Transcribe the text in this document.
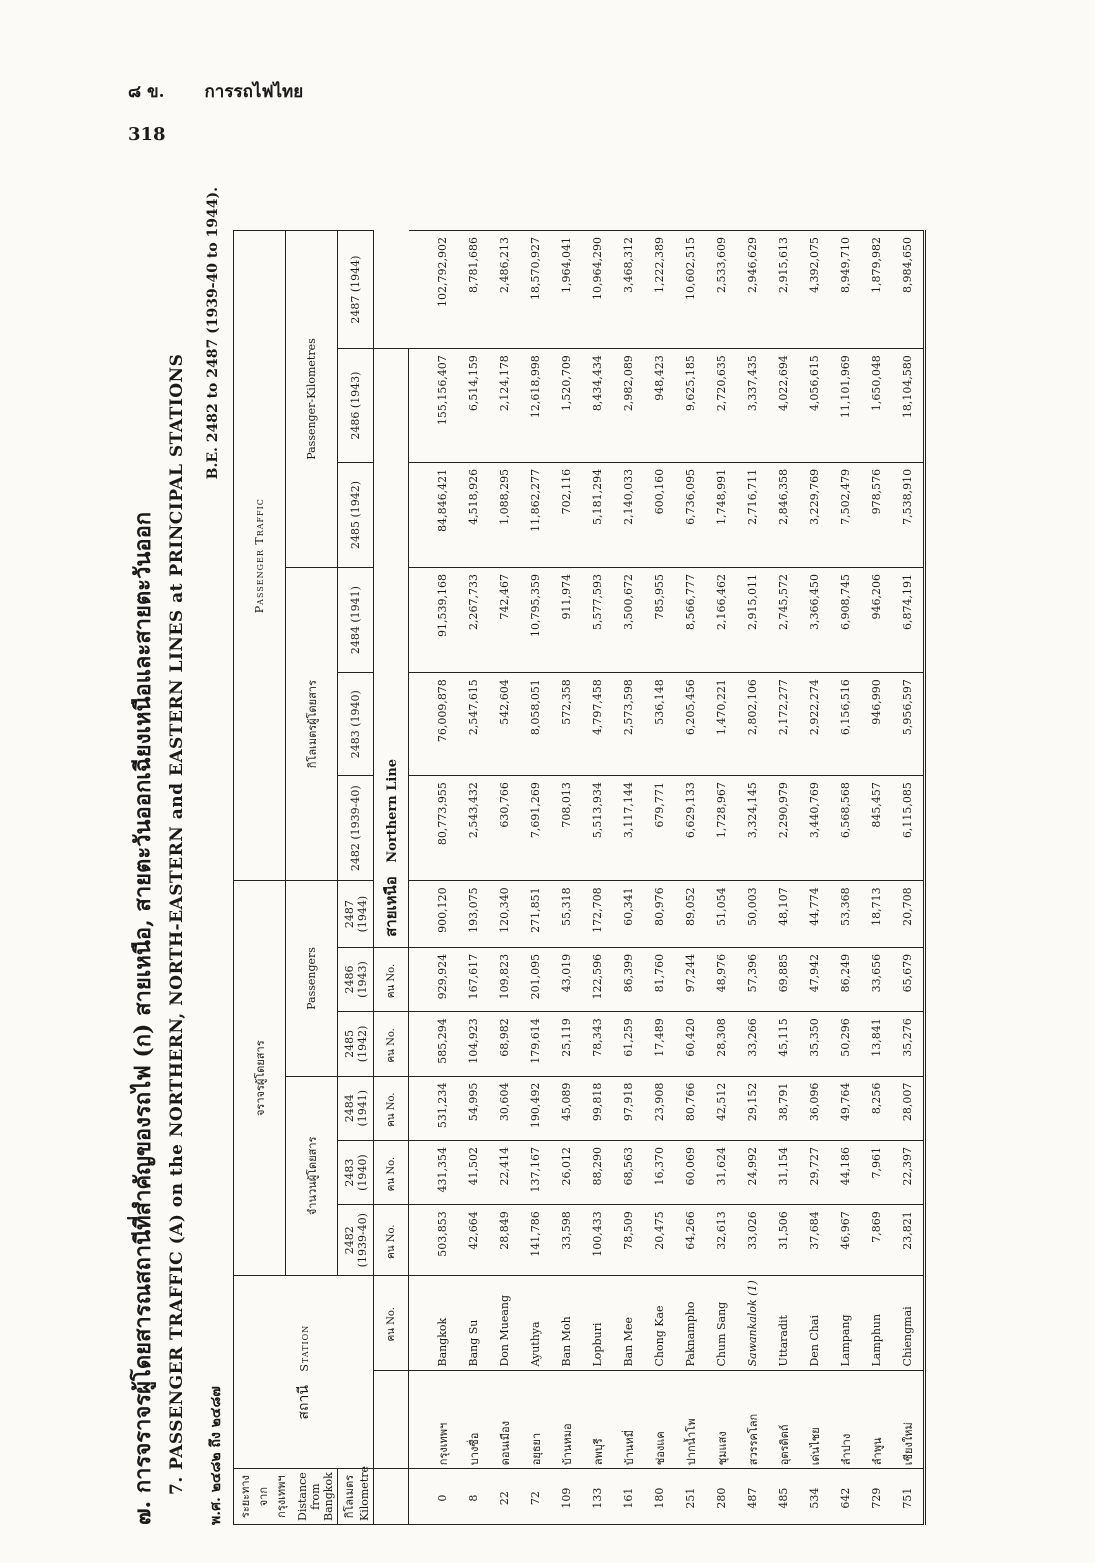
๘ ข. การรถไฟไทย
318
๗. การจราจรผู้โดยสารณสถานีที่สำคัญของรถไฟ (ก) สายเหนือ, สายตะวันออกเฉียงเหนือและสายตะวันออก 7. PASSENGER TRAFFIC (A) on the NORTHERN, NORTH-EASTERN and EASTERN LINES at PRINCIPAL STATIONS พ.ศ. ๒๔๘๒ ถึง ๒๔๘๗
B.E. 2482 to 2487 (1939-40 to 1944).
ระยะทาง จาก กรุงเทพฯ Distance from Bangkok	สถานี Station		จราจรผู้โดยสาร						Passenger Traffic					
			จำนวนผู้โดยสาร			Passengers			กิโลเมตรผู้โดยสาร			Passenger-Kilometres		
กิโลเมตร Kilometre			2482 (1939-40)	2483 (1940)	2484 (1941)	2485 (1942)	2486 (1943)	2487 (1944)	2482 (1939-40)	2483 (1940)	2484 (1941)	2485 (1942)	2486 (1943)	2487 (1944)
		คน No.	คน No.	คน No.	คน No.	คน No.	คน No.	สายเหนือ Northern Line						
0	กรุงเทพฯ	Bangkok	503,853	431,354	531,234	585,294	929,924	900,120	80,773,955	76,009,878	91,539,168	84,846,421	155,156,407	102,792,902
8	บางซื่อ	Bang Su	42,664	41,502	54,995	104,923	167,617	193,075	2,543,432	2,547,615	2,267,733	4,518,926	6,514,159	8,781,686
22	ดอนเมือง	Don Mueang	28,849	22,414	30,604	68,982	109,823	120,340	630,766	542,604	742,467	1,088,295	2,124,178	2,486,213
72	อยุธยา	Ayuthya	141,786	137,167	190,492	179,614	201,095	271,851	7,691,269	8,058,051	10,795,359	11,862,277	12,618,998	18,570,927
109	บ้านหมอ	Ban Moh	33,598	26,012	45,089	25,119	43,019	55,318	708,013	572,358	911,974	702,116	1,520,709	1,964,041
133	ลพบุรี	Lopburi	100,433	88,290	99,818	78,343	122,596	172,708	5,513,934	4,797,458	5,577,593	5,181,294	8,434,434	10,964,290
161	บ้านหมี่	Ban Mee	78,509	68,563	97,918	61,259	86,399	60,341	3,117,144	2,573,598	3,500,672	2,140,033	2,982,089	3,468,312
180	ช่องแค	Chong Kae	20,475	16,370	23,908	17,489	81,760	80,976	679,771	536,148	785,955	600,160	948,423	1,222,389
251	ปากน้ำโพ	Paknampho	64,266	60,069	80,766	60,420	97,244	89,052	6,629,133	6,205,456	8,566,777	6,736,095	9,625,185	10,602,515
280	ชุมแสง	Chum Sang	32,613	31,624	42,512	28,308	48,976	51,054	1,728,967	1,470,221	2,166,462	1,748,991	2,720,635	2,533,609
487	สวรรคโลก	Sawankalok (1)	33,026	24,992	29,152	33,266	57,396	50,003	3,324,145	2,802,106	2,915,011	2,716,711	3,337,435	2,946,629
485	อุตรดิตถ์	Uttaradit	31,506	31,154	38,791	45,115	69,885	48,107	2,290,979	2,172,277	2,745,572	2,846,358	4,022,694	2,915,613
534	เด่นไชย	Den Chai	37,684	29,727	36,096	35,350	47,942	44,774	3,440,769	2,922,274	3,366,450	3,229,769	4,056,615	4,392,075
642	ลำปาง	Lampang	46,967	44,186	49,764	50,296	86,249	53,368	6,568,568	6,156,516	6,908,745	7,502,479	11,101,969	8,949,710
729	ลำพูน	Lamphun	7,869	7,961	8,256	13,841	33,656	18,713	845,457	946,990	946,206	978,576	1,650,048	1,879,982
751	เชียงใหม่	Chiengmai	23,821	22,397	28,007	35,276	65,679	20,708	6,115,085	5,956,597	6,874,191	7,538,910	18,104,580	8,984,650
